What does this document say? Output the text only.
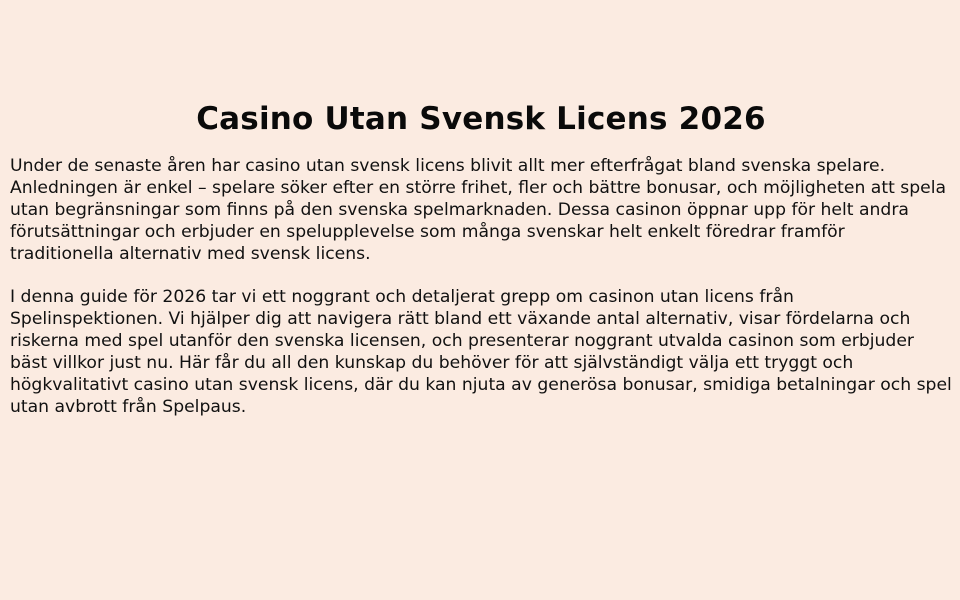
Casino Utan Svensk Licens 2026

Under de senaste åren har casino utan svensk licens blivit allt mer efterfrågat bland svenska spelare. Anledningen är enkel – spelare söker efter en större frihet, fler och bättre bonusar, och möjligheten att spela utan begränsningar som finns på den svenska spelmarknaden. Dessa casinon öppnar upp för helt andra förutsättningar och erbjuder en spelupplevelse som många svenskar helt enkelt föredrar framför traditionella alternativ med svensk licens.

I denna guide för 2026 tar vi ett noggrant och detaljerat grepp om casinon utan licens från Spelinspektionen. Vi hjälper dig att navigera rätt bland ett växande antal alternativ, visar fördelarna och riskerna med spel utanför den svenska licensen, och presenterar noggrant utvalda casinon som erbjuder bäst villkor just nu. Här får du all den kunskap du behöver för att självständigt välja ett tryggt och högkvalitativt casino utan svensk licens, där du kan njuta av generösa bonusar, smidiga betalningar och spel utan avbrott från Spelpaus.
